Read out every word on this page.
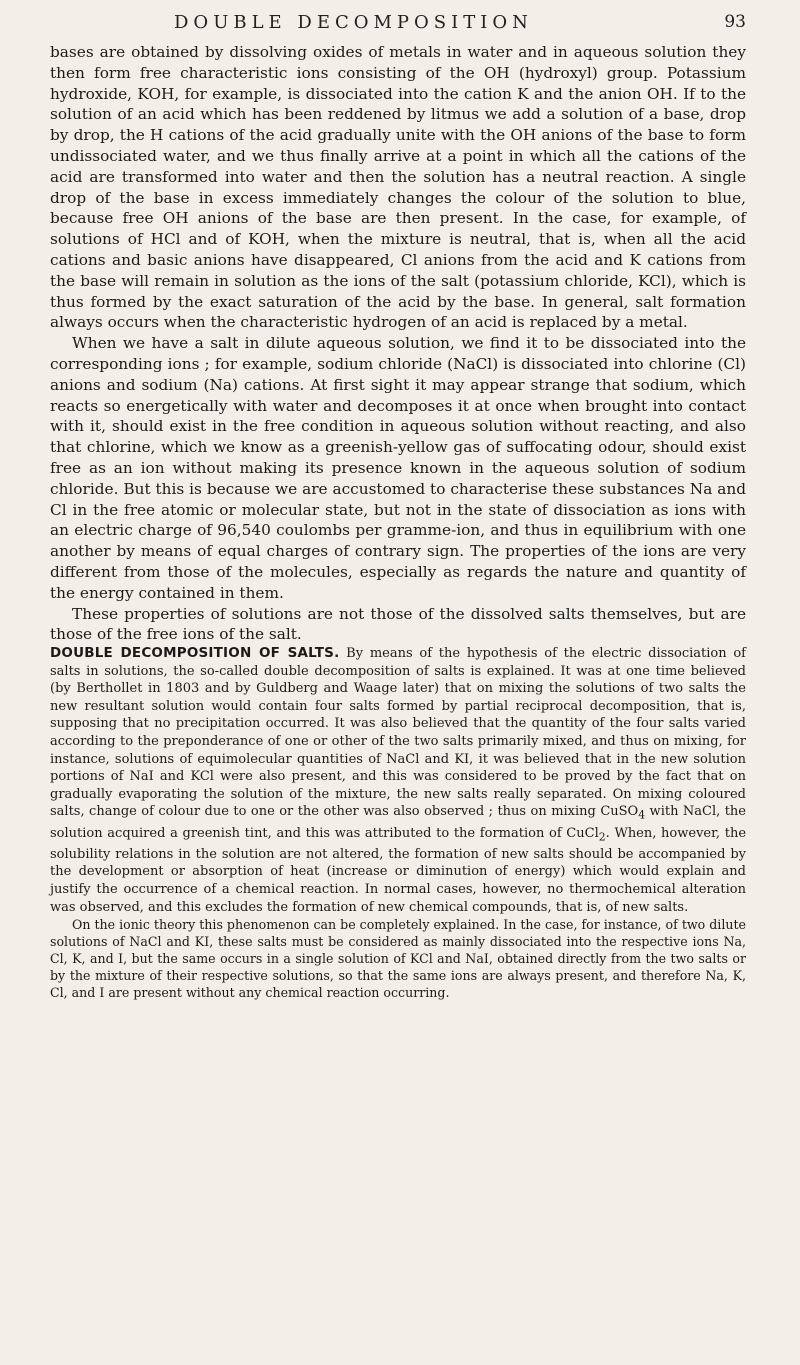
DOUBLE DECOMPOSITION	93

bases are obtained by dissolving oxides of metals in water and in aqueous solution they then form free characteristic ions consisting of the OH (hydroxyl) group. Potassium hydroxide, KOH, for example, is dissociated into the cation K and the anion OH. If to the solution of an acid which has been reddened by litmus we add a solution of a base, drop by drop, the H cations of the acid gradually unite with the OH anions of the base to form undissociated water, and we thus finally arrive at a point in which all the cations of the acid are transformed into water and then the solution has a neutral reaction. A single drop of the base in excess immediately changes the colour of the solution to blue, because free OH anions of the base are then present. In the case, for example, of solutions of HCl and of KOH, when the mixture is neutral, that is, when all the acid cations and basic anions have disappeared, Cl anions from the acid and K cations from the base will remain in solution as the ions of the salt (potassium chloride, KCl), which is thus formed by the exact saturation of the acid by the base. In general, salt formation always occurs when the characteristic hydrogen of an acid is replaced by a metal.

When we have a salt in dilute aqueous solution, we find it to be dissociated into the corresponding ions ; for example, sodium chloride (NaCl) is dissociated into chlorine (Cl) anions and sodium (Na) cations. At first sight it may appear strange that sodium, which reacts so energetically with water and decomposes it at once when brought into contact with it, should exist in the free condition in aqueous solution without reacting, and also that chlorine, which we know as a greenish-yellow gas of suffocating odour, should exist free as an ion without making its presence known in the aqueous solution of sodium chloride. But this is because we are accustomed to characterise these substances Na and Cl in the free atomic or molecular state, but not in the state of dissociation as ions with an electric charge of 96,540 coulombs per gramme-ion, and thus in equilibrium with one another by means of equal charges of contrary sign. The properties of the ions are very different from those of the molecules, especially as regards the nature and quantity of the energy contained in them.

These properties of solutions are not those of the dissolved salts themselves, but are those of the free ions of the salt.

DOUBLE DECOMPOSITION OF SALTS. By means of the hypothesis of the electric dissociation of salts in solutions, the so-called double decomposition of salts is explained. It was at one time believed (by Berthollet in 1803 and by Guldberg and Waage later) that on mixing the solutions of two salts the new resultant solution would contain four salts formed by partial reciprocal decomposition, that is, supposing that no precipitation occurred. It was also believed that the quantity of the four salts varied according to the preponderance of one or other of the two salts primarily mixed, and thus on mixing, for instance, solutions of equimolecular quantities of NaCl and KI, it was believed that in the new solution portions of NaI and KCl were also present, and this was considered to be proved by the fact that on gradually evaporating the solution of the mixture, the new salts really separated. On mixing coloured salts, change of colour due to one or the other was also observed ; thus on mixing CuSO$_4$ with NaCl, the solution acquired a greenish tint, and this was attributed to the formation of CuCl$_2$. When, however, the solubility relations in the solution are not altered, the formation of new salts should be accompanied by the development or absorption of heat (increase or diminution of energy) which would explain and justify the occurrence of a chemical reaction. In normal cases, however, no thermochemical alteration was observed, and this excludes the formation of new chemical compounds, that is, of new salts.

On the ionic theory this phenomenon can be completely explained. In the case, for instance, of two dilute solutions of NaCl and KI, these salts must be considered as mainly dissociated into the respective ions Na, Cl, K, and I, but the same occurs in a single solution of KCl and NaI, obtained directly from the two salts or by the mixture of their respective solutions, so that the same ions are always present, and therefore Na, K, Cl, and I are present without any chemical reaction occurring.
